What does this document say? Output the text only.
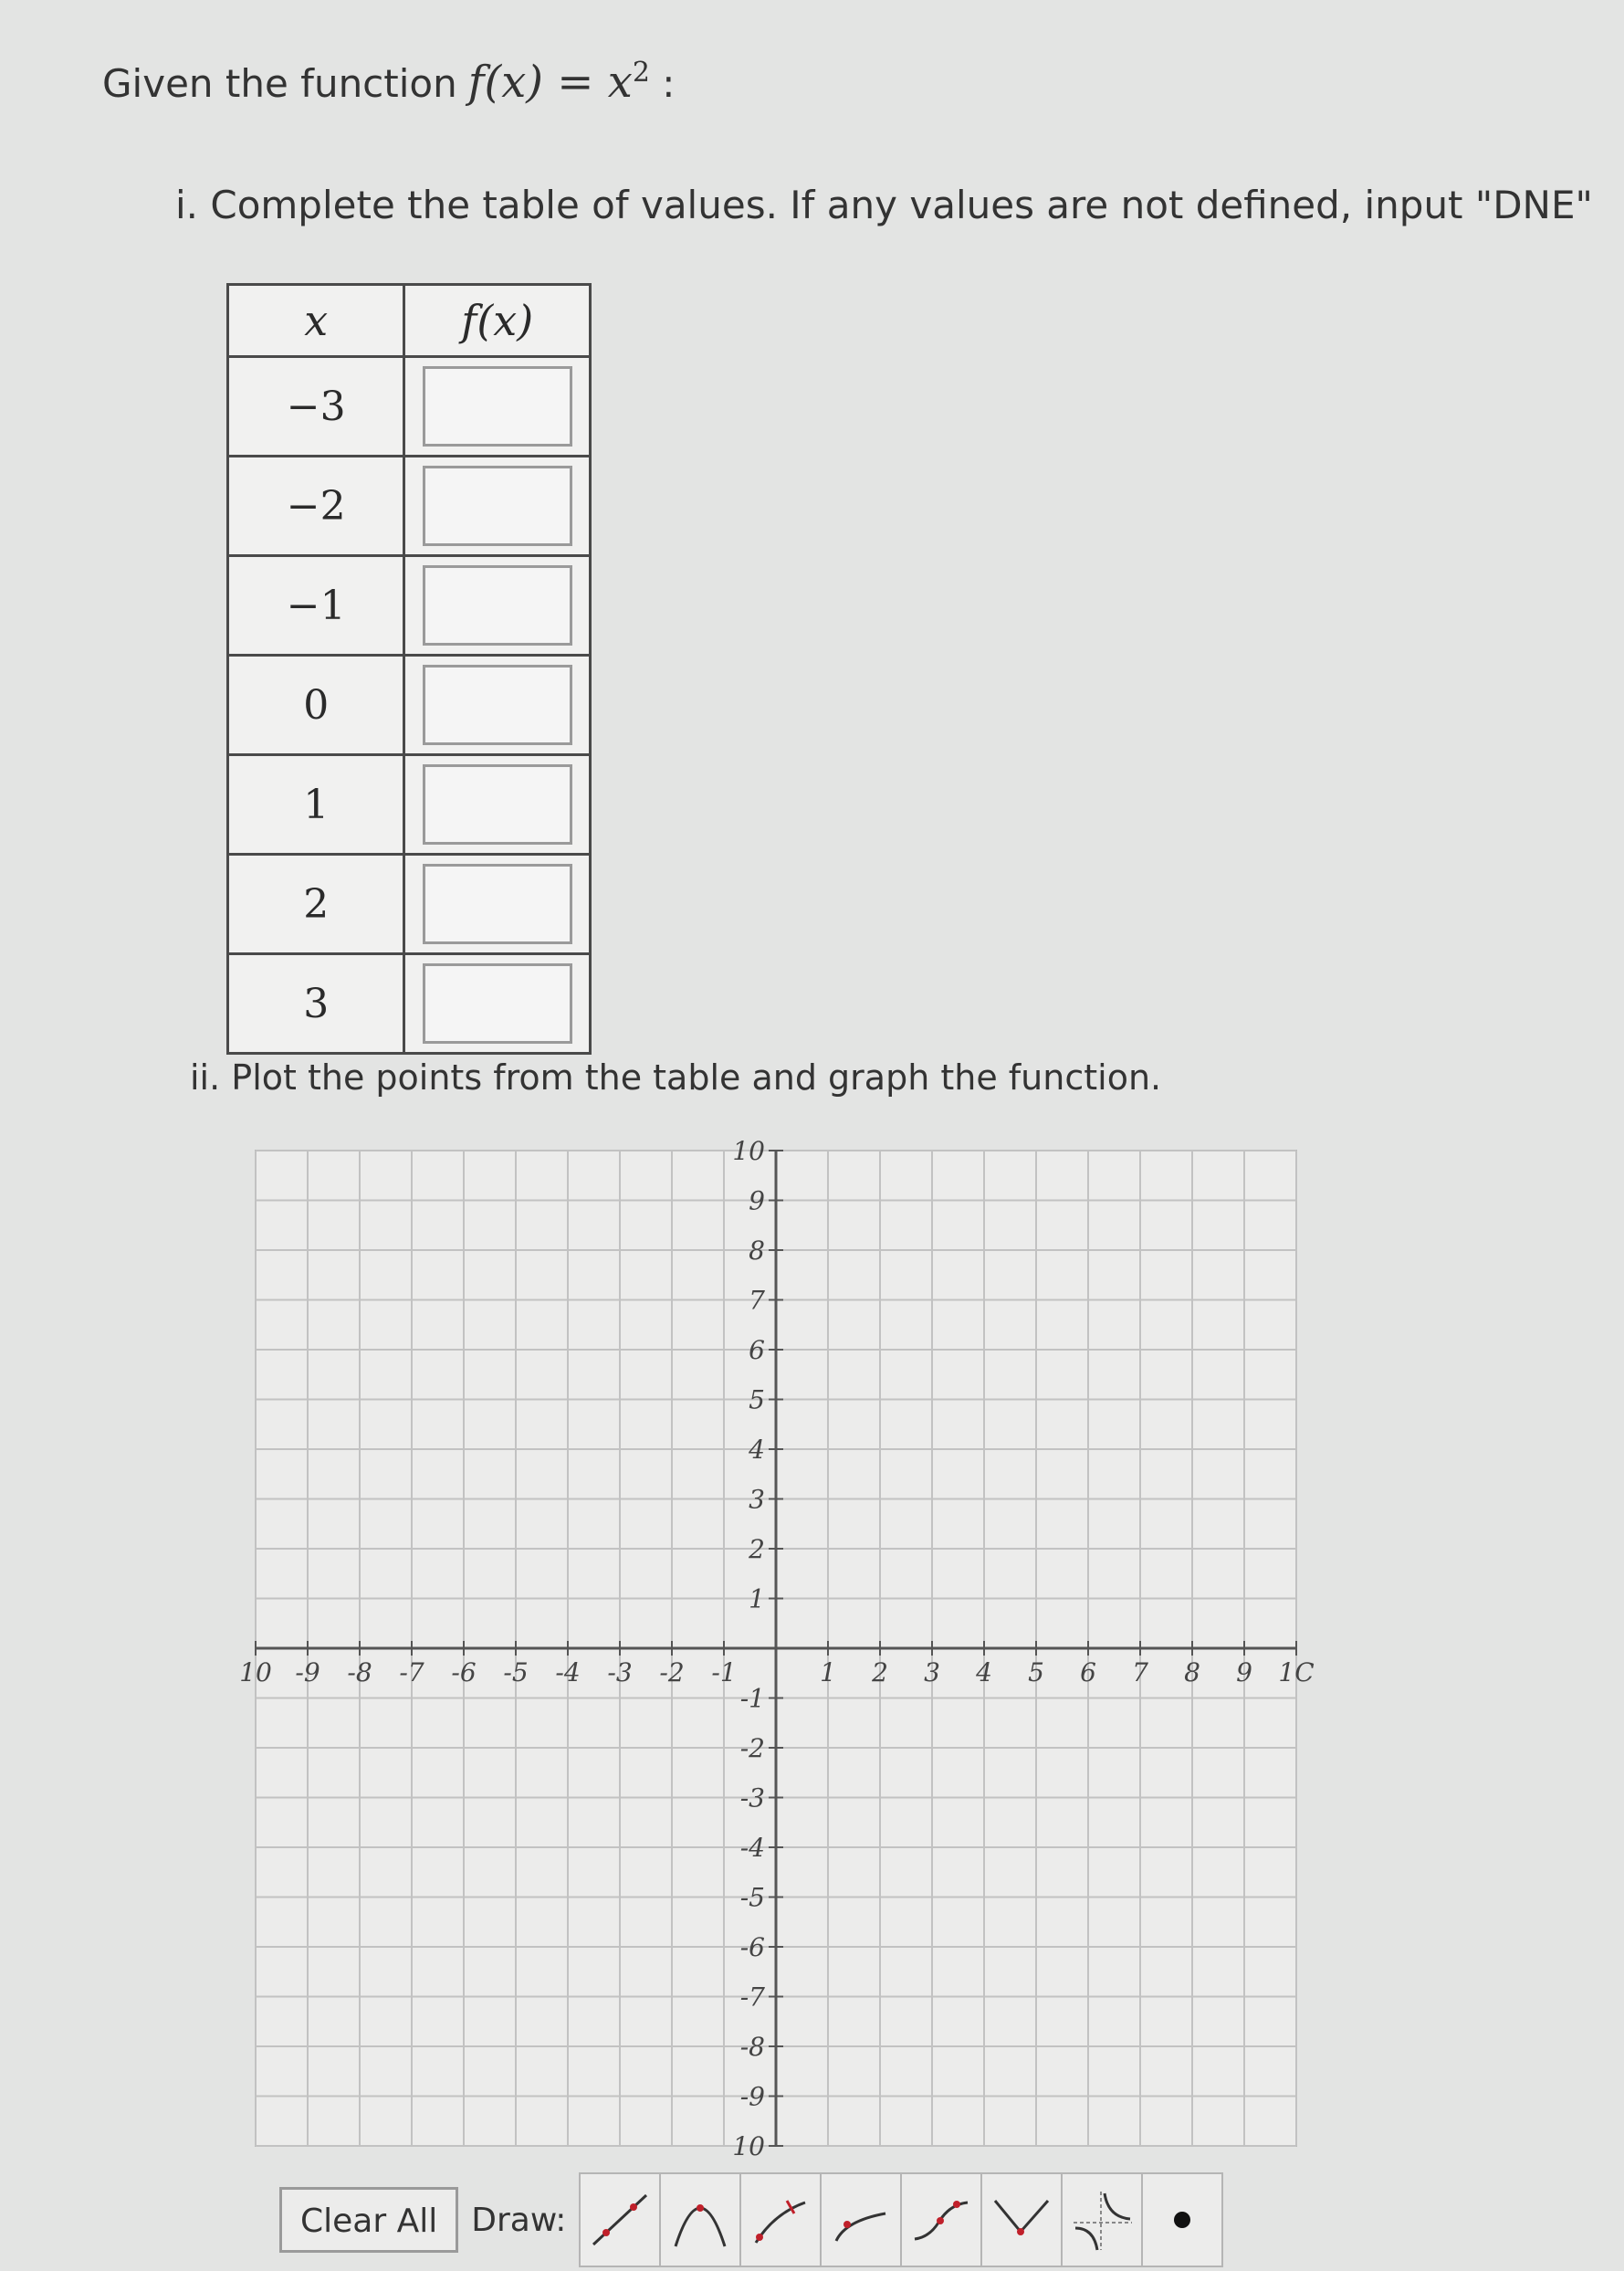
Given the function $f(x) = x^2$ :
i. Complete the table of values. If any values are not defined, input "DNE"
x	f(x)
−3	

−2	

−1	

0	

1	

2	

3	
ii. Plot the points from the table and graph the function.
10 -9 -8 -7 -6 -5 -4 -3 -2 -1	1 2 3 4 5 6 7 8 9 1C
10
9
8
7
6
5
4
3
2
1
-1
-2
-3
-4
-5
-6
-7
-8
-9
10
Clear All	Draw:
